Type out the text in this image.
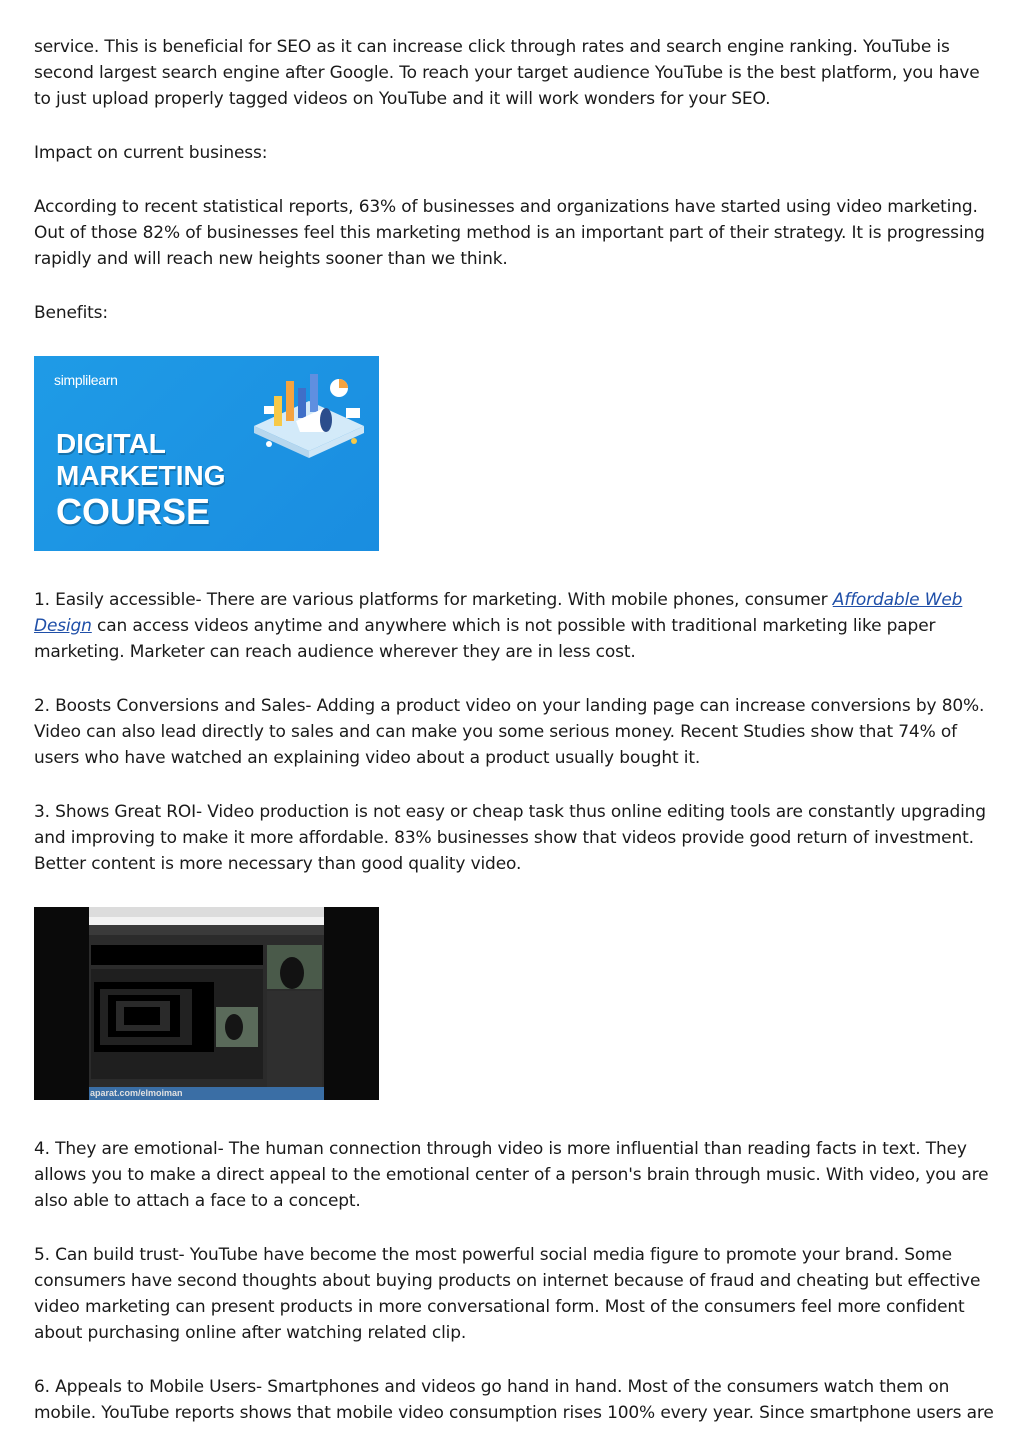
service. This is beneficial for SEO as it can increase click through rates and search engine ranking. YouTube is second largest search engine after Google. To reach your target audience YouTube is the best platform, you have to just upload properly tagged videos on YouTube and it will work wonders for your SEO.

Impact on current business:

According to recent statistical reports, 63% of businesses and organizations have started using video marketing. Out of those 82% of businesses feel this marketing method is an important part of their strategy. It is progressing rapidly and will reach new heights sooner than we think.

Benefits:

simplilearn
DIGITAL
MARKETING
COURSE

1. Easily accessible- There are various platforms for marketing. With mobile phones, consumer Affordable Web Design can access videos anytime and anywhere which is not possible with traditional marketing like paper marketing. Marketer can reach audience wherever they are in less cost.

2. Boosts Conversions and Sales- Adding a product video on your landing page can increase conversions by 80%. Video can also lead directly to sales and can make you some serious money. Recent Studies show that 74% of users who have watched an explaining video about a product usually bought it.

3. Shows Great ROI- Video production is not easy or cheap task thus online editing tools are constantly upgrading and improving to make it more affordable. 83% businesses show that videos provide good return of investment. Better content is more necessary than good quality video.

aparat.com/elmoiman

4. They are emotional- The human connection through video is more influential than reading facts in text. They allows you to make a direct appeal to the emotional center of a person's brain through music. With video, you are also able to attach a face to a concept.

5. Can build trust- YouTube have become the most powerful social media figure to promote your brand. Some consumers have second thoughts about buying products on internet because of fraud and cheating but effective video marketing can present products in more conversational form. Most of the consumers feel more confident about purchasing online after watching related clip.

6. Appeals to Mobile Users- Smartphones and videos go hand in hand. Most of the consumers watch them on mobile. YouTube reports shows that mobile video consumption rises 100% every year. Since smartphone users are
